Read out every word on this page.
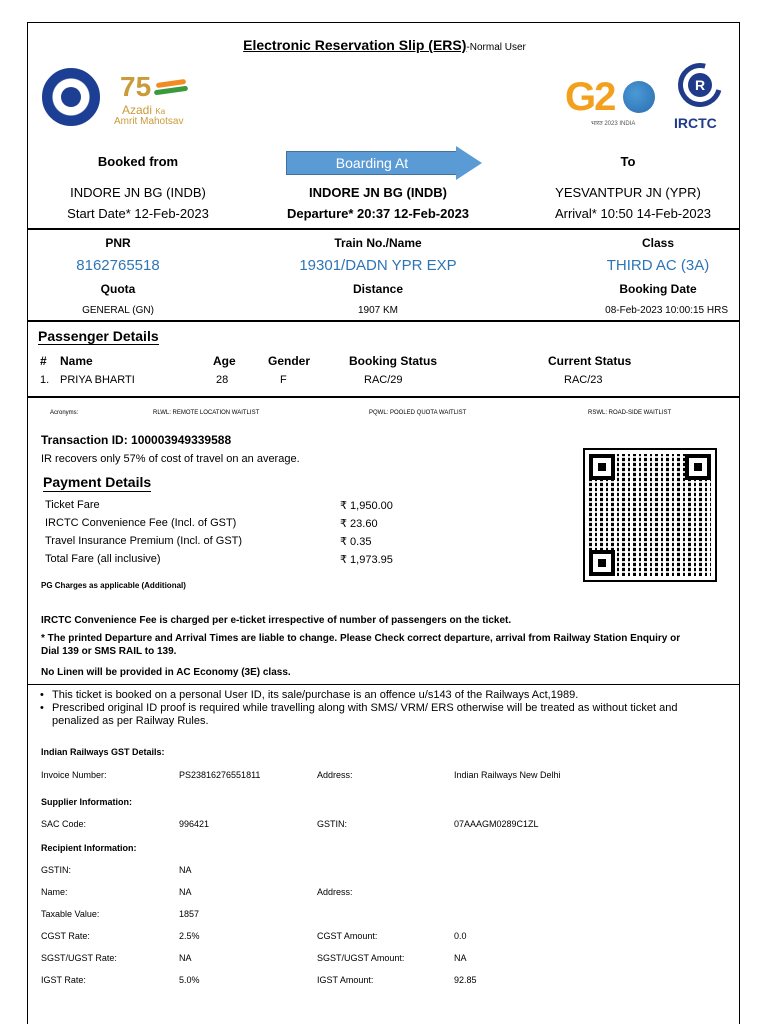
Electronic Reservation Slip (ERS)-Normal User
75
Azadi Ka
Amrit Mahotsav
G2
भारत 2023 INDIA
R
IRCTC
Booked from	Boarding At	To
INDORE JN BG (INDB)	INDORE JN BG (INDB)	YESVANTPUR JN (YPR)
Start Date* 12-Feb-2023	Departure* 20:37 12-Feb-2023	Arrival* 10:50 14-Feb-2023
PNR	Train No./Name	Class
8162765518	19301/DADN YPR EXP	THIRD AC (3A)
Quota	Distance	Booking Date
GENERAL (GN)	1907 KM	08-Feb-2023 10:00:15 HRS
Passenger Details
# Name	Age	Gender	Booking Status	Current Status
1. PRIYA BHARTI	28	F	RAC/29	RAC/23
Acronyms:	RLWL: REMOTE LOCATION WAITLIST	PQWL: POOLED QUOTA WAITLIST	RSWL: ROAD-SIDE WAITLIST
Transaction ID: 100003949339588
IR recovers only 57% of cost of travel on an average.
Payment Details
Ticket Fare	₹ 1,950.00
IRCTC Convenience Fee (Incl. of GST)	₹ 23.60
Travel Insurance Premium (Incl. of GST)	₹ 0.35
Total Fare (all inclusive)	₹ 1,973.95
PG Charges as applicable (Additional)
IRCTC Convenience Fee is charged per e-ticket irrespective of number of passengers on the ticket.
* The printed Departure and Arrival Times are liable to change. Please Check correct departure, arrival from Railway Station Enquiry or
Dial 139 or SMS RAIL to 139.
No Linen will be provided in AC Economy (3E) class.
• This ticket is booked on a personal User ID, its sale/purchase is an offence u/s143 of the Railways Act,1989.
• Prescribed original ID proof is required while travelling along with SMS/ VRM/ ERS otherwise will be treated as without ticket and
penalized as per Railway Rules.
Indian Railways GST Details:
Invoice Number:	PS23816276551811	Address:	Indian Railways New Delhi
Supplier Information:
SAC Code:	996421	GSTIN:	07AAAGM0289C1ZL
Recipient Information:
GSTIN:	NA
Name:	NA	Address:
Taxable Value:	1857
CGST Rate:	2.5%	CGST Amount:	0.0
SGST/UGST Rate:	NA	SGST/UGST Amount:	NA
IGST Rate:	5.0%	IGST Amount:	92.85
